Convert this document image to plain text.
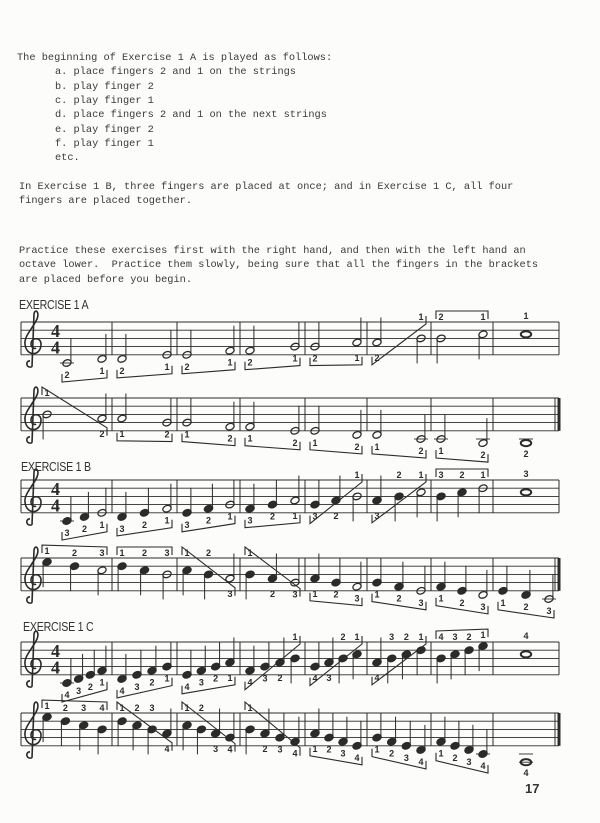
The beginning of Exercise 1 A is played as follows:
a. place fingers 2 and 1 on the strings
b. play finger 2
c. play finger 1
d. place fingers 2 and 1 on the next strings
e. play finger 2
f. play finger 1
etc.
In Exercise 1 B, three fingers are placed at once; and in Exercise 1 C, all four
fingers are placed together.
Practice these exercises first with the right hand, and then with the left hand an
octave lower.  Practice them slowly, being sure that all the fingers in the brackets
are placed before you begin.
EXERCISE 1 A
EXERCISE 1 B
EXERCISE 1 C
4
4
2	1 2	1 2	1 2	1 2	1 2
1 2	1	1
1
2 1	2 1	2 1	2 1	2 1	2 1	2	2
4
4
3 2 1 3 2 1 3 2 1 3 2 1 3 2
1
3
2 1 3 2 1	3
1 2 3 1 2 3 1 2
3
1
2 3 1 2 3 1 2 3 1 2 3 1 2 3
4
4
4 3 2 1
4 3 2 1
4 3 2 1 4 3 2
1
4 3
2 1
4
3 2 1 4 3 2 1	4
1 2 3 4 1 2 3
4
1 2
3 4
1
2 3 4 1 2 3 4
1 2 3 4
1 2 3 4
4
17
